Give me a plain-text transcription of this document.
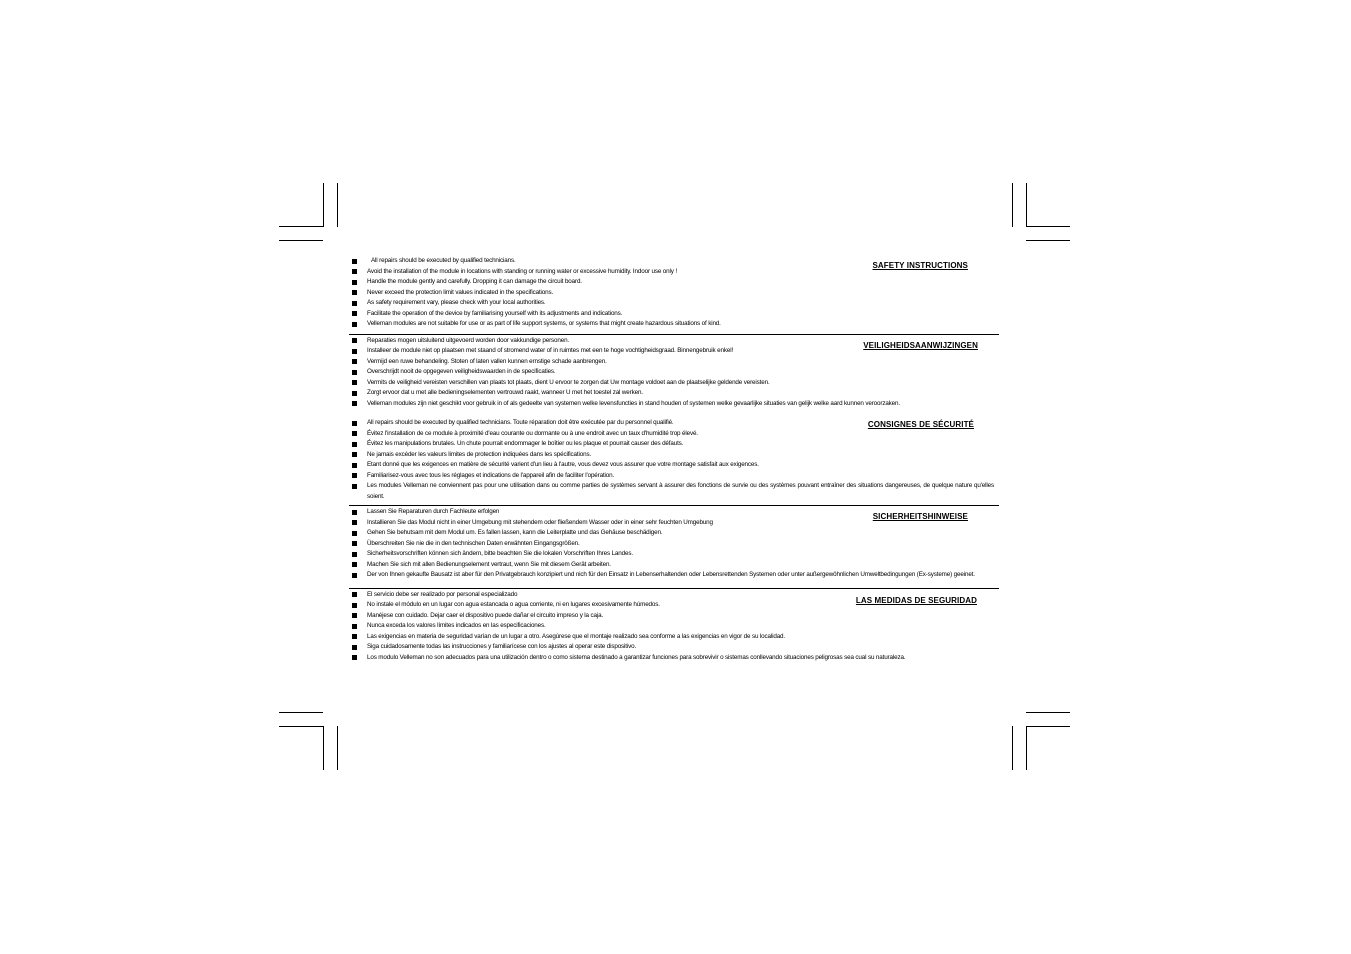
SAFETY INSTRUCTIONS
All repairs should be executed by qualified technicians.
Avoid the installation of the module in locations with standing or running water or excessive humidity. Indoor use only !
Handle the module gently and carefully. Dropping it can damage the circuit board.
Never exceed the protection limit values indicated in the specifications.
As safety requirement vary, please check with your local authorities.
Facilitate the operation of the device by familiarising yourself with its adjustments and indications.
Velleman modules are not suitable for use or as part of life support systems, or systems that might create hazardous situations of kind.
VEILIGHEIDSAANWIJZINGEN
Reparaties mogen uitsluitend uitgevoerd worden door vakkundige personen.
Installeer de module niet op plaatsen met staand of stromend water of in ruimtes met een te hoge vochtigheidsgraad. Binnengebruik enkel!
Vermijd een ruwe behandeling. Stoten of laten vallen kunnen ernstige schade aanbrengen.
Overschrijdt nooit de opgegeven veiligheidswaarden in de specificaties.
Vermits de veiligheid vereisten verschillen van plaats tot plaats, dient U ervoor te zorgen dat Uw montage voldoet aan de plaatselijke geldende vereisten.
Zorgt ervoor dat u met alle bedieningselementen vertrouwd raakt, wanneer U met het toestel zal werken.
Velleman modules zijn niet geschikt voor gebruik in of als gedeelte van systemen welke levensfuncties in stand houden of systemen welke gevaarlijke situaties van gelijk welke aard kunnen veroorzaken.
CONSIGNES DE SÉCURITÉ
All repairs should be executed by qualified technicians. Toute réparation doit être exécutée par du personnel qualifié.
Évitez l'installation de ce module à proximité d'eau courante ou dormante ou à une endroit avec un taux d'humidité trop élevé.
Évitez les manipulations brutales. Un chute pourrait endommager le boîtier ou les plaque et pourrait causer des défauts.
Ne jamais excéder les valeurs limites de protection indiquées dans les spécifications.
Etant donné que les exigences en matière de sécurité varient d'un lieu à l'autre, vous devez vous assurer que votre montage satisfait aux exigences.
Familiarisez-vous avec tous les réglages et indications de l'appareil afin de faciliter l'opération.
Les modules Velleman ne conviennent pas pour une utilisation dans ou comme parties de systèmes servant à assurer des fonctions de survie ou des systèmes pouvant entraîner des situations dangereuses, de quelque nature qu'elles soient.
SICHERHEITSHINWEISE
Lassen Sie Reparaturen durch Fachleute erfolgen
Installieren Sie das Modul nicht in einer Umgebung mit stehendem oder fließendem Wasser oder in einer sehr feuchten Umgebung
Gehen Sie behutsam mit dem Modul um. Es fallen lassen, kann die Leiterplatte und das Gehäuse beschädigen.
Überschreiten Sie nie die in den technischen Daten erwähnten Eingangsgrößen.
Sicherheitsvorschriften können sich ändern, bitte beachten Sie die lokalen Vorschriften Ihres Landes.
Machen Sie sich mit allen Bedienungselement vertraut, wenn Sie mit diesem Gerät arbeiten.
Der von Ihnen gekaufte Bausatz ist aber für den Privatgebrauch konzipiert und nich für den Einsatz in Lebenserhaltenden oder Lebensrettenden Systemen oder unter außergewöhnlichen Umweltbedingungen (Ex-systeme) geeinet.
LAS MEDIDAS DE SEGURIDAD
El servicio debe ser realizado por personal especializado
No instale el módulo en un lugar con agua estancada o agua corriente, ni en lugares excesivamente húmedos.
Manéjese con cuidado. Dejar caer el dispositivo puede dañar el circuito impreso y la caja.
Nunca exceda los valores límites indicados en las especificaciones.
Las exigencias en materia de seguridad varían de un lugar a otro. Asegúrese que el montaje realizado sea conforme a las exigencias en vigor de su localidad.
Siga cuidadosamente todas las instrucciones y familiarícese con los ajustes al operar este dispositivo.
Los modulo Velleman no son adecuados para una utilización dentro o como sistema destinado a garantizar funciones para sobrevivir o sistemas conllevando situaciones peligrosas sea cual su naturaleza.
